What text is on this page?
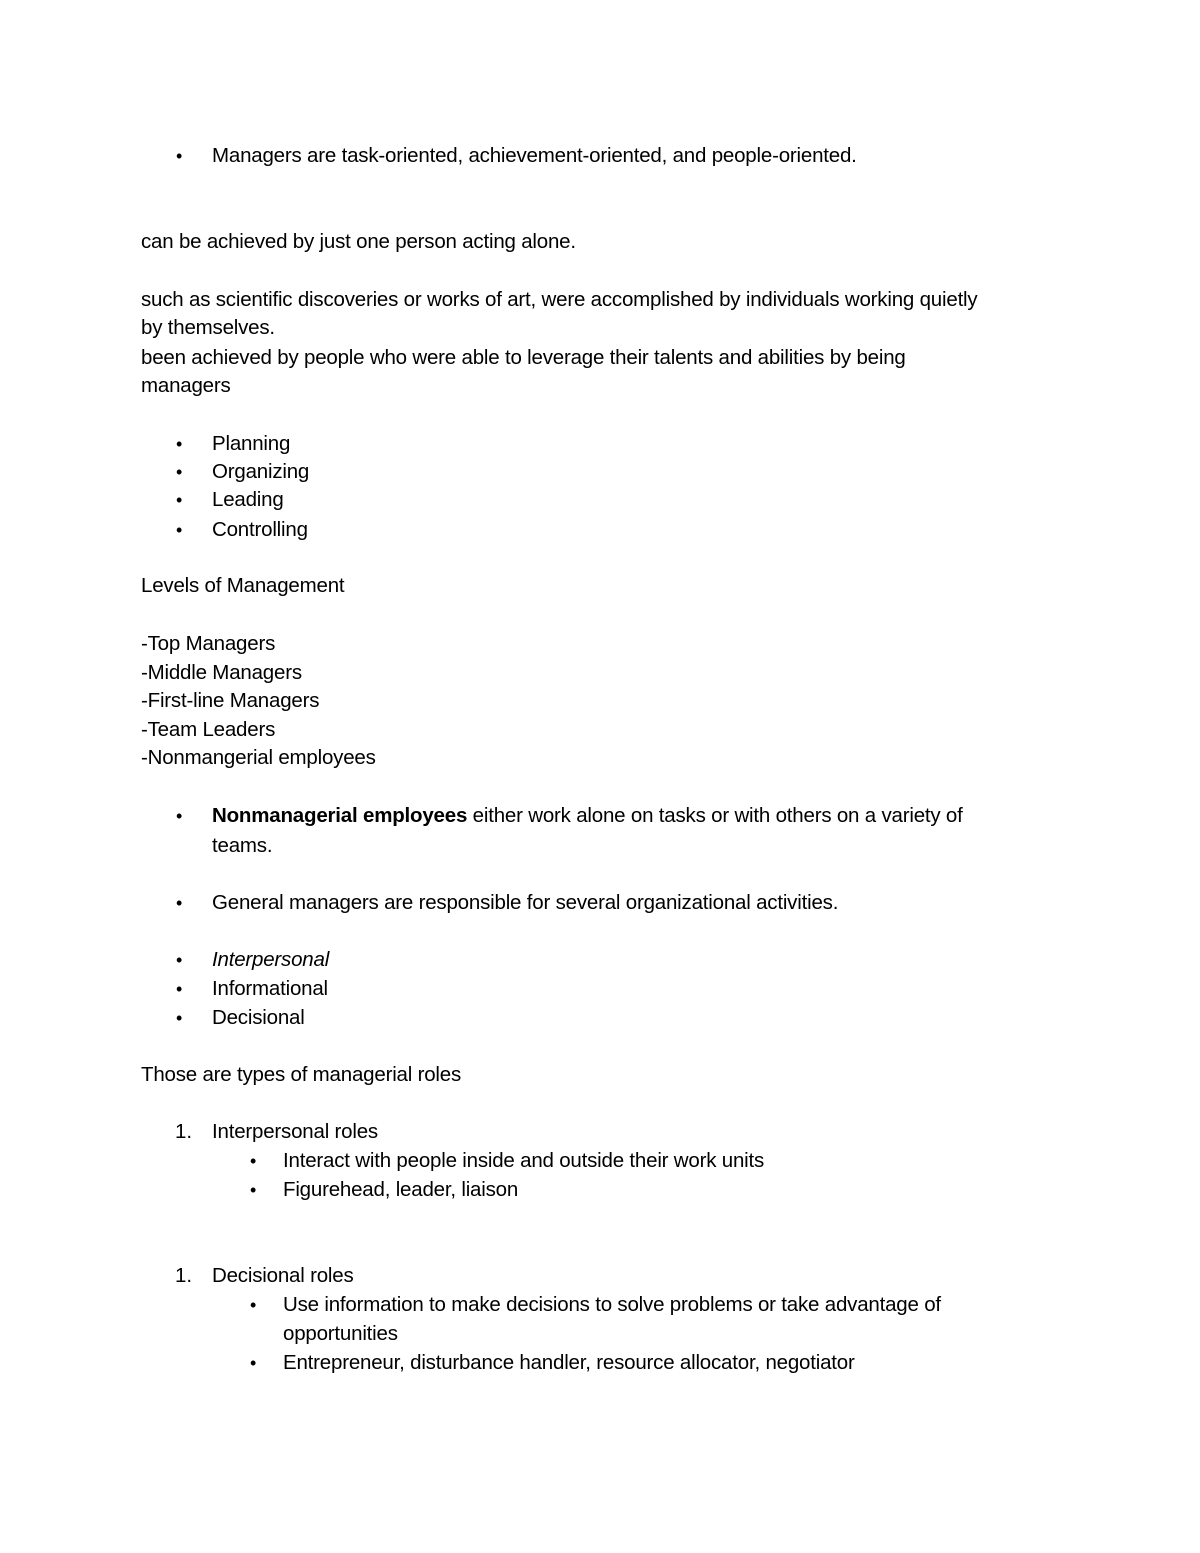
• Managers are task-oriented, achievement-oriented, and people-oriented.
can be achieved by just one person acting alone.
such as scientific discoveries or works of art, were accomplished by individuals working quietly
by themselves.
been achieved by people who were able to leverage their talents and abilities by being
managers
• Planning
• Organizing
• Leading
• Controlling
Levels of Management
-Top Managers
-Middle Managers
-First-line Managers
-Team Leaders
-Nonmangerial employees
• Nonmanagerial employees either work alone on tasks or with others on a variety of
teams.
• General managers are responsible for several organizational activities.
• Interpersonal
• Informational
• Decisional
Those are types of managerial roles
1. Interpersonal roles
• Interact with people inside and outside their work units
• Figurehead, leader, liaison
1. Decisional roles
• Use information to make decisions to solve problems or take advantage of
opportunities
• Entrepreneur, disturbance handler, resource allocator, negotiator
